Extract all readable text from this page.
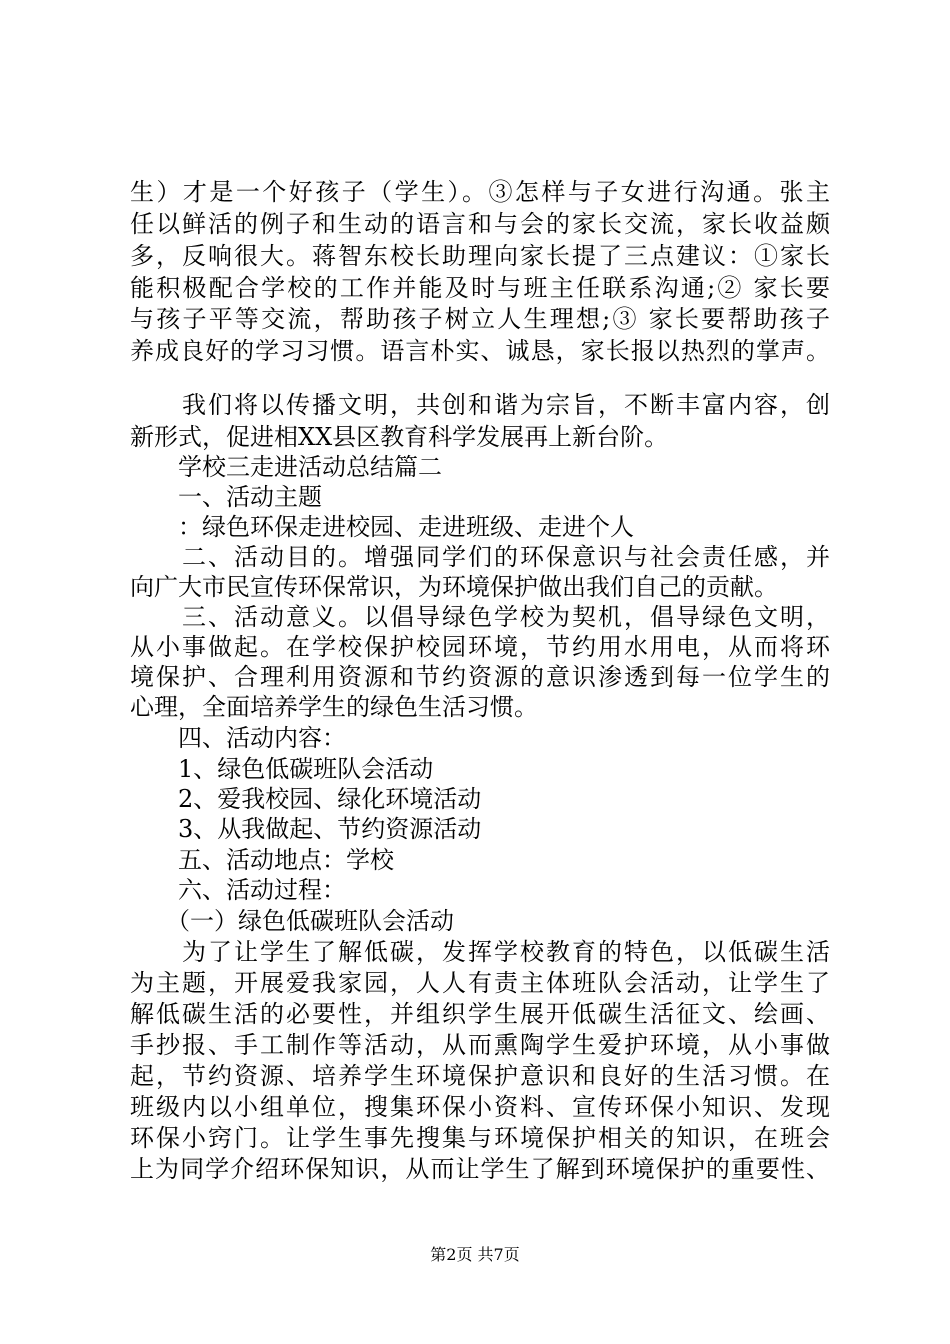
生）才是一个好孩子（学生）。③怎样与子女进行沟通。张主
任以鲜活的例子和生动的语言和与会的家长交流，家长收益颇
多，反响很大。蒋智东校长助理向家长提了三点建议：①家长
能积极配合学校的工作并能及时与班主任联系沟通;② 家长要
与孩子平等交流，帮助孩子树立人生理想;③ 家长要帮助孩子
养成良好的学习习惯。语言朴实、诚恳，家长报以热烈的掌声。
　　我们将以传播文明，共创和谐为宗旨，不断丰富内容，创
新形式，促进相XX县区教育科学发展再上新台阶。
　　学校三走进活动总结篇二
　　一、活动主题
　　：绿色环保走进校园、走进班级、走进个人
　　二、活动目的。增强同学们的环保意识与社会责任感，并
向广大市民宣传环保常识，为环境保护做出我们自己的贡献。
　　三、活动意义。以倡导绿色学校为契机，倡导绿色文明，
从小事做起。在学校保护校园环境，节约用水用电，从而将环
境保护、合理利用资源和节约资源的意识渗透到每一位学生的
心理，全面培养学生的绿色生活习惯。
　　四、活动内容：
　　1、绿色低碳班队会活动
　　2、爱我校园、绿化环境活动
　　3、从我做起、节约资源活动
　　五、活动地点：学校
　　六、活动过程：
　　（一）绿色低碳班队会活动
　　为了让学生了解低碳，发挥学校教育的特色，以低碳生活
为主题，开展爱我家园，人人有责主体班队会活动，让学生了
解低碳生活的必要性，并组织学生展开低碳生活征文、绘画、
手抄报、手工制作等活动，从而熏陶学生爱护环境，从小事做
起，节约资源、培养学生环境保护意识和良好的生活习惯。在
班级内以小组单位，搜集环保小资料、宣传环保小知识、发现
环保小窍门。让学生事先搜集与环境保护相关的知识，在班会
上为同学介绍环保知识，从而让学生了解到环境保护的重要性、
第2页 共7页
